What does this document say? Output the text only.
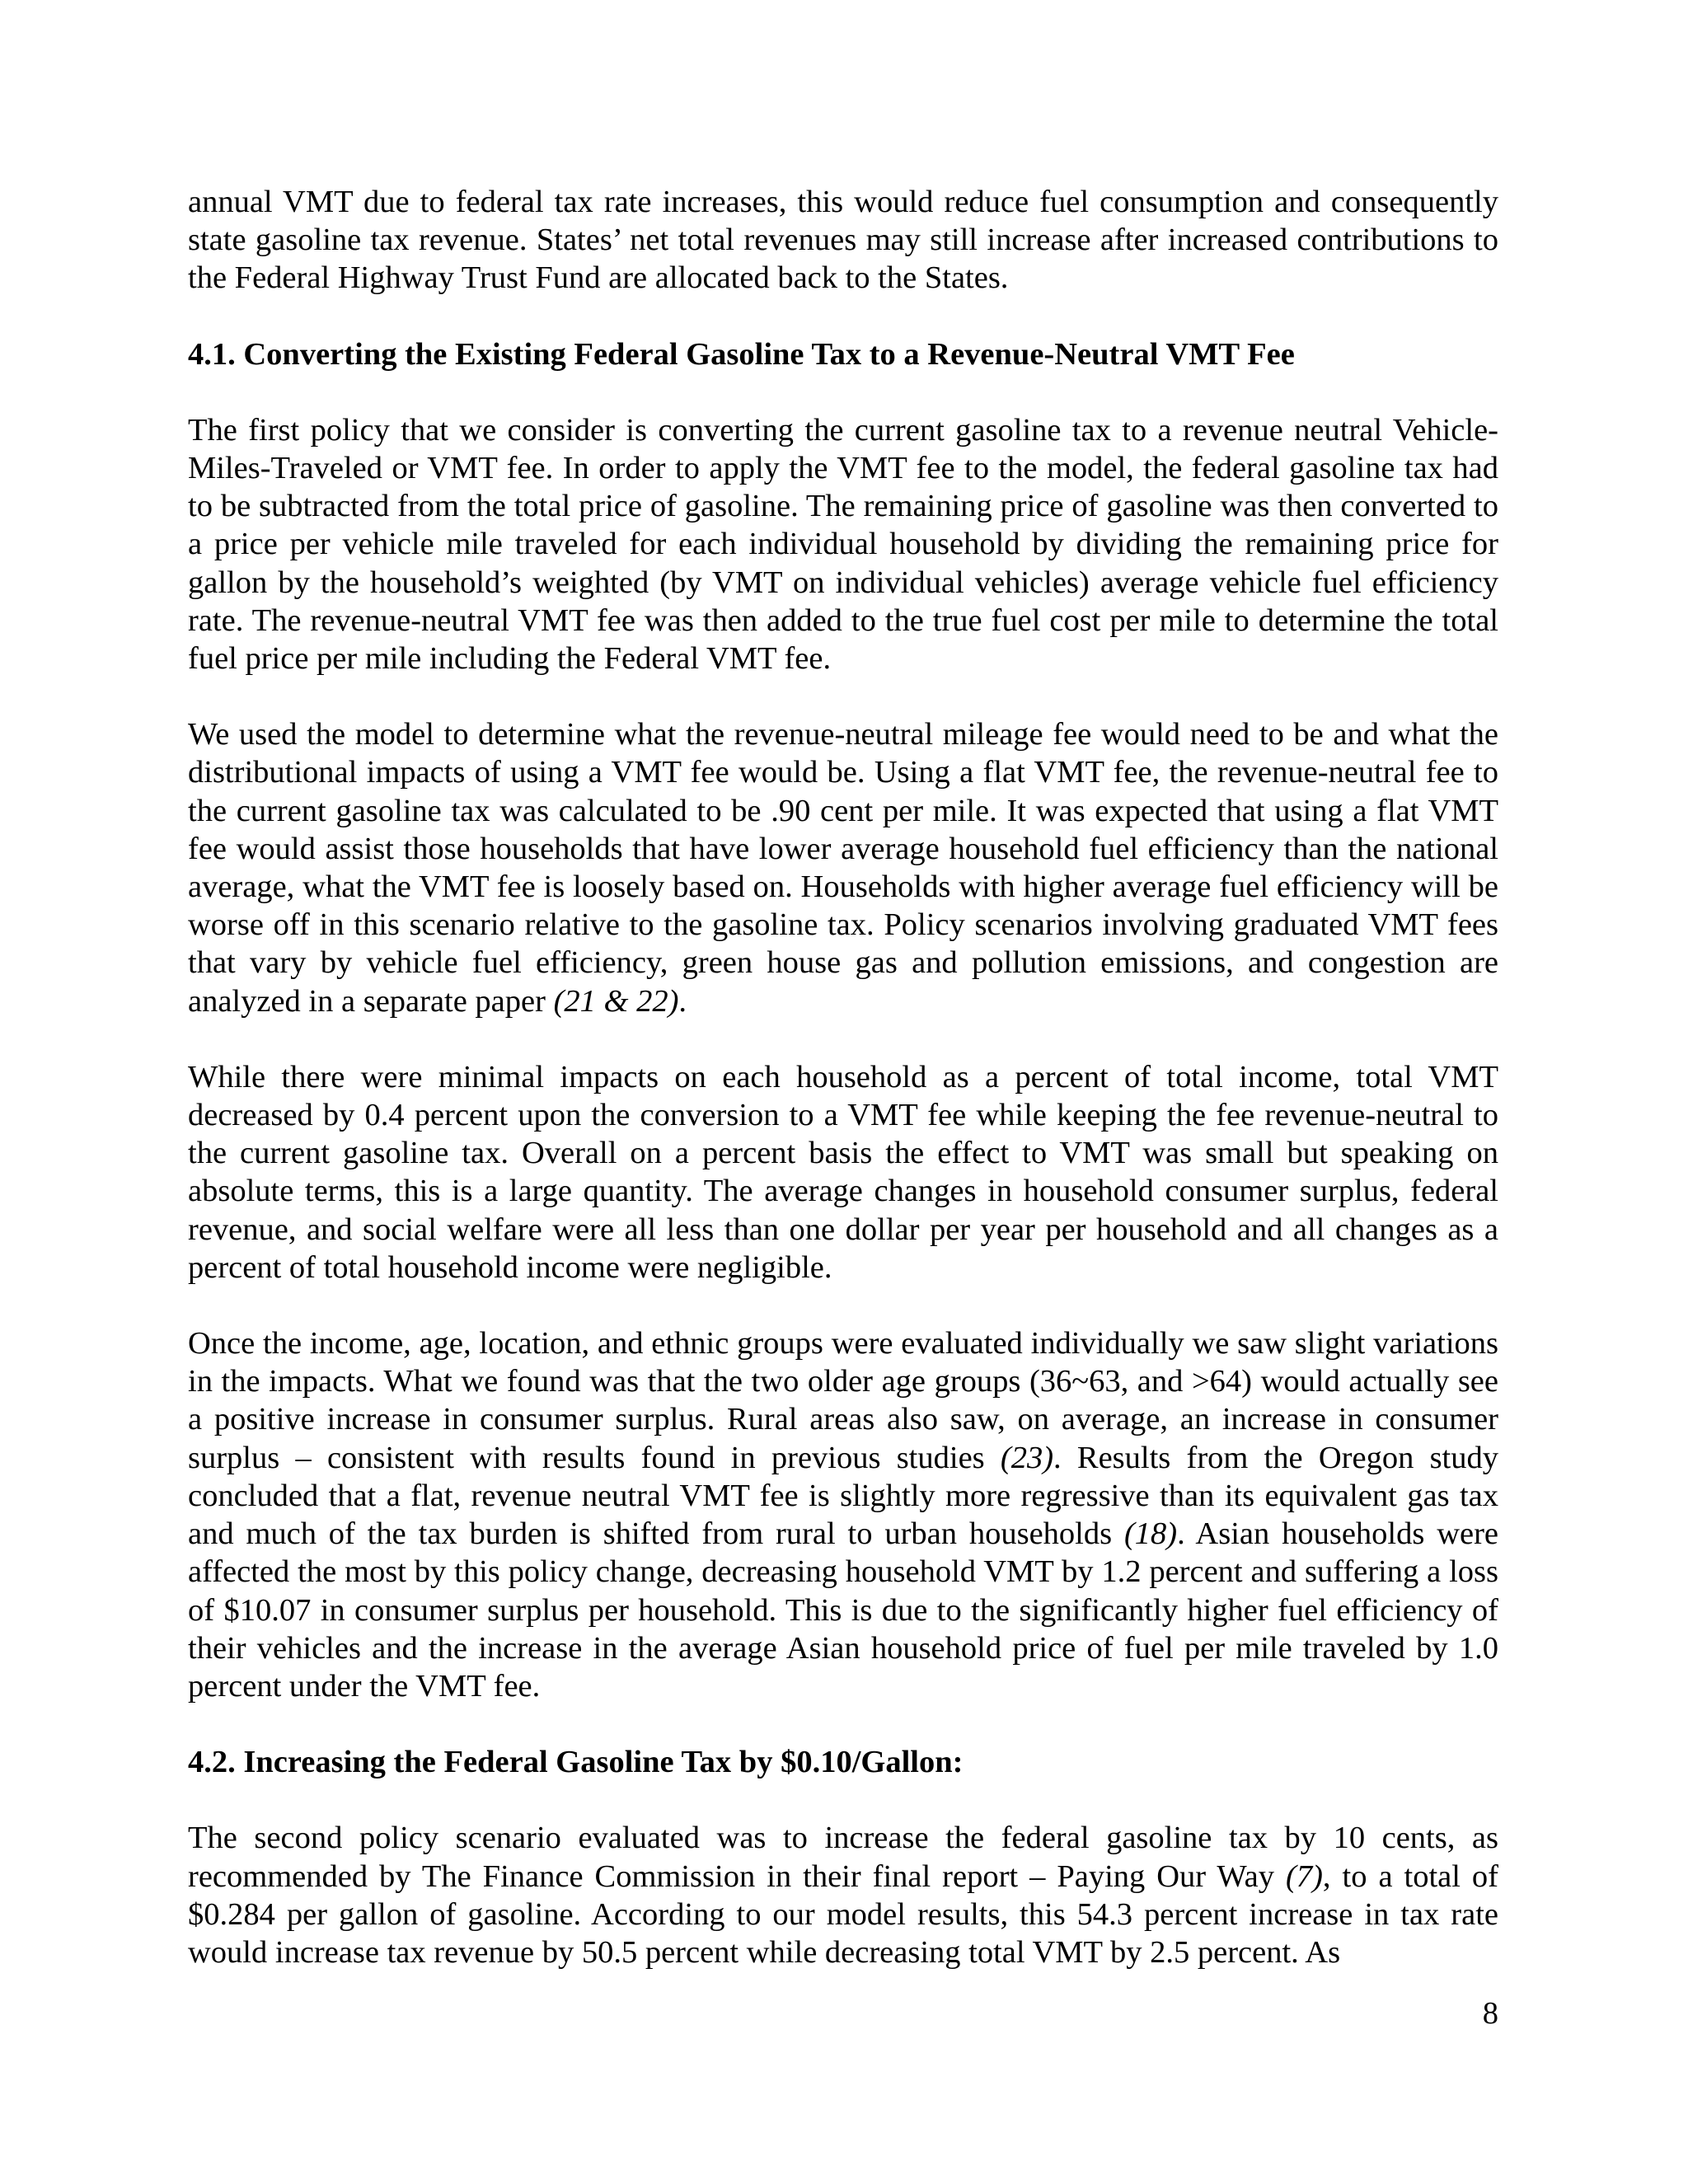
annual VMT due to federal tax rate increases, this would reduce fuel consumption and consequently state gasoline tax revenue. States’ net total revenues may still increase after increased contributions to the Federal Highway Trust Fund are allocated back to the States.

4.1. Converting the Existing Federal Gasoline Tax to a Revenue-Neutral VMT Fee

The first policy that we consider is converting the current gasoline tax to a revenue neutral Vehicle-Miles-Traveled or VMT fee. In order to apply the VMT fee to the model, the federal gasoline tax had to be subtracted from the total price of gasoline. The remaining price of gasoline was then converted to a price per vehicle mile traveled for each individual household by dividing the remaining price for gallon by the household’s weighted (by VMT on individual vehicles) average vehicle fuel efficiency rate. The revenue-neutral VMT fee was then added to the true fuel cost per mile to determine the total fuel price per mile including the Federal VMT fee.

We used the model to determine what the revenue-neutral mileage fee would need to be and what the distributional impacts of using a VMT fee would be. Using a flat VMT fee, the revenue-neutral fee to the current gasoline tax was calculated to be .90 cent per mile. It was expected that using a flat VMT fee would assist those households that have lower average household fuel efficiency than the national average, what the VMT fee is loosely based on. Households with higher average fuel efficiency will be worse off in this scenario relative to the gasoline tax. Policy scenarios involving graduated VMT fees that vary by vehicle fuel efficiency, green house gas and pollution emissions, and congestion are analyzed in a separate paper (21 & 22).

While there were minimal impacts on each household as a percent of total income, total VMT decreased by 0.4 percent upon the conversion to a VMT fee while keeping the fee revenue-neutral to the current gasoline tax. Overall on a percent basis the effect to VMT was small but speaking on absolute terms, this is a large quantity. The average changes in household consumer surplus, federal revenue, and social welfare were all less than one dollar per year per household and all changes as a percent of total household income were negligible.

Once the income, age, location, and ethnic groups were evaluated individually we saw slight variations in the impacts. What we found was that the two older age groups (36~63, and >64) would actually see a positive increase in consumer surplus. Rural areas also saw, on average, an increase in consumer surplus – consistent with results found in previous studies (23). Results from the Oregon study concluded that a flat, revenue neutral VMT fee is slightly more regressive than its equivalent gas tax and much of the tax burden is shifted from rural to urban households (18). Asian households were affected the most by this policy change, decreasing household VMT by 1.2 percent and suffering a loss of $10.07 in consumer surplus per household. This is due to the significantly higher fuel efficiency of their vehicles and the increase in the average Asian household price of fuel per mile traveled by 1.0 percent under the VMT fee.

4.2. Increasing the Federal Gasoline Tax by $0.10/Gallon:

The second policy scenario evaluated was to increase the federal gasoline tax by 10 cents, as recommended by The Finance Commission in their final report – Paying Our Way (7), to a total of $0.284 per gallon of gasoline. According to our model results, this 54.3 percent increase in tax rate would increase tax revenue by 50.5 percent while decreasing total VMT by 2.5 percent. As

8
